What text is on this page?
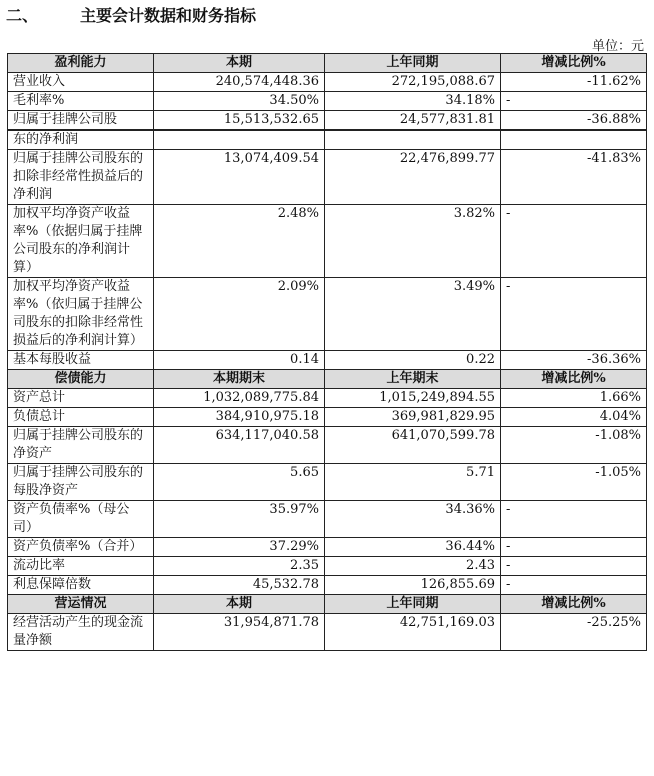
二、	主要会计数据和财务指标
单位：元
盈利能力	本期	上年同期	增减比例%
营业收入	240,574,448.36	272,195,088.67	-11.62%
毛利率%	34.50%	34.18%	-
归属于挂牌公司股	15,513,532.65	24,577,831.81	-36.88%
东的净利润			
归属于挂牌公司股东的扣除非经常性损益后的净利润	13,074,409.54	22,476,899.77	-41.83%
加权平均净资产收益率%（依据归属于挂牌公司股东的净利润计算）	2.48%	3.82%	-
加权平均净资产收益率%（依归属于挂牌公司股东的扣除非经常性损益后的净利润计算）	2.09%	3.49%	-
基本每股收益	0.14	0.22	-36.36%
偿债能力	本期期末	上年期末	增减比例%
资产总计	1,032,089,775.84	1,015,249,894.55	1.66%
负债总计	384,910,975.18	369,981,829.95	4.04%
归属于挂牌公司股东的净资产	634,117,040.58	641,070,599.78	-1.08%
归属于挂牌公司股东的每股净资产	5.65	5.71	-1.05%
资产负债率%（母公司）	35.97%	34.36%	-
资产负债率%（合并）	37.29%	36.44%	-
流动比率	2.35	2.43	-
利息保障倍数	45,532.78	126,855.69	-
营运情况	本期	上年同期	增减比例%
经营活动产生的现金流量净额	31,954,871.78	42,751,169.03	-25.25%
